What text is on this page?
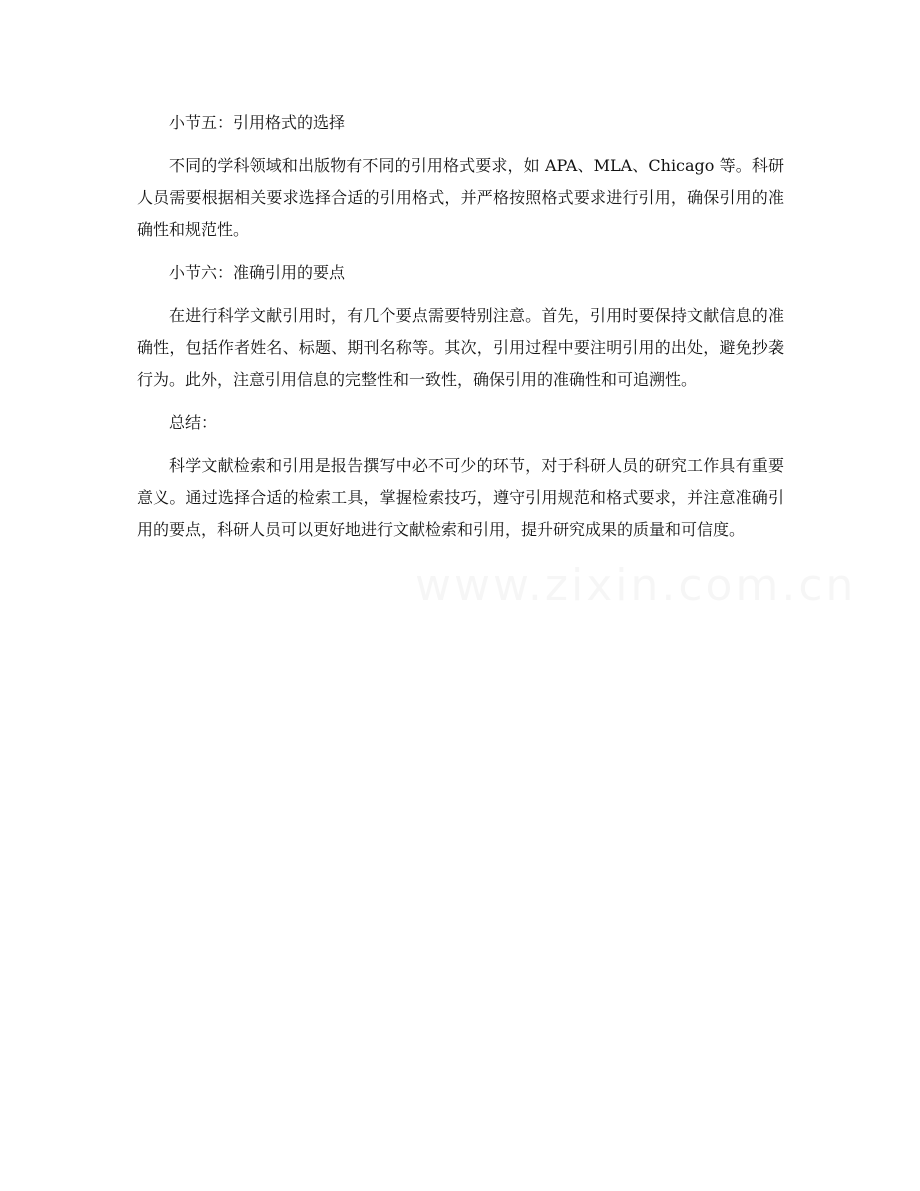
小节五：引用格式的选择

不同的学科领域和出版物有不同的引用格式要求，如 APA、MLA、Chicago 等。科研人员需要根据相关要求选择合适的引用格式，并严格按照格式要求进行引用，确保引用的准确性和规范性。

小节六：准确引用的要点

在进行科学文献引用时，有几个要点需要特别注意。首先，引用时要保持文献信息的准确性，包括作者姓名、标题、期刊名称等。其次，引用过程中要注明引用的出处，避免抄袭行为。此外，注意引用信息的完整性和一致性，确保引用的准确性和可追溯性。

总结：

科学文献检索和引用是报告撰写中必不可少的环节，对于科研人员的研究工作具有重要意义。通过选择合适的检索工具，掌握检索技巧，遵守引用规范和格式要求，并注意准确引用的要点，科研人员可以更好地进行文献检索和引用，提升研究成果的质量和可信度。
